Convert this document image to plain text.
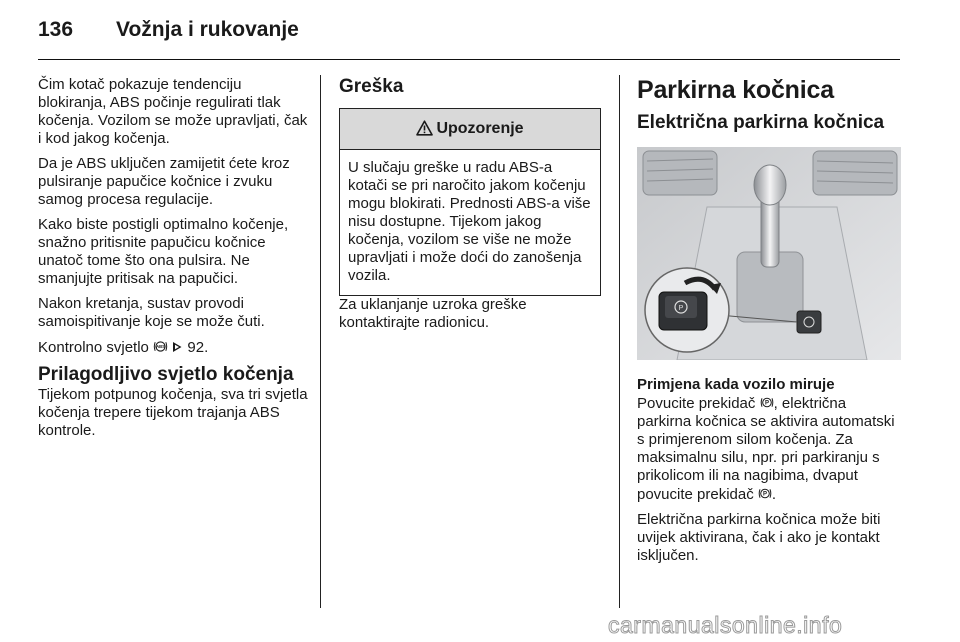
136 Vožnja i rukovanje

Čim kotač pokazuje tendenciju blokiranja, ABS počinje regulirati tlak kočenja. Vozilom se može upravljati, čak i kod jakog kočenja.

Da je ABS uključen zamijetit ćete kroz pulsiranje papučice kočnice i zvuku samog procesa regulacije.

Kako biste postigli optimalno kočenje, snažno pritisnite papučicu kočnice unatoč tome što ona pulsira. Ne smanjujte pritisak na papučici.

Nakon kretanja, sustav provodi samoispitivanje koje se može čuti.

Kontrolno svjetlo ABS 92.

Prilagodljivo svjetlo kočenja

Tijekom potpunog kočenja, sva tri svjetla kočenja trepere tijekom trajanja ABS kontrole.

Greška
Upozorenje
U slučaju greške u radu ABS-a kotači se pri naročito jakom kočenju mogu blokirati. Prednosti ABS-a više nisu dostupne. Tijekom jakog kočenja, vozilom se više ne može upravljati i može doći do zanošenja vozila.

Za uklanjanje uzroka greške kontaktirajte radionicu.

Parkirna kočnica
Električna parkirna kočnica
P
Primjena kada vozilo miruje

Povucite prekidač P , električna parkirna kočnica se aktivira automatski s primjerenom silom kočenja. Za maksimalnu silu, npr. pri parkiranju s prikolicom ili na nagibima, dvaput povucite prekidač P .

Električna parkirna kočnica može biti uvijek aktivirana, čak i ako je kontakt isključen.

carmanualsonline.info
